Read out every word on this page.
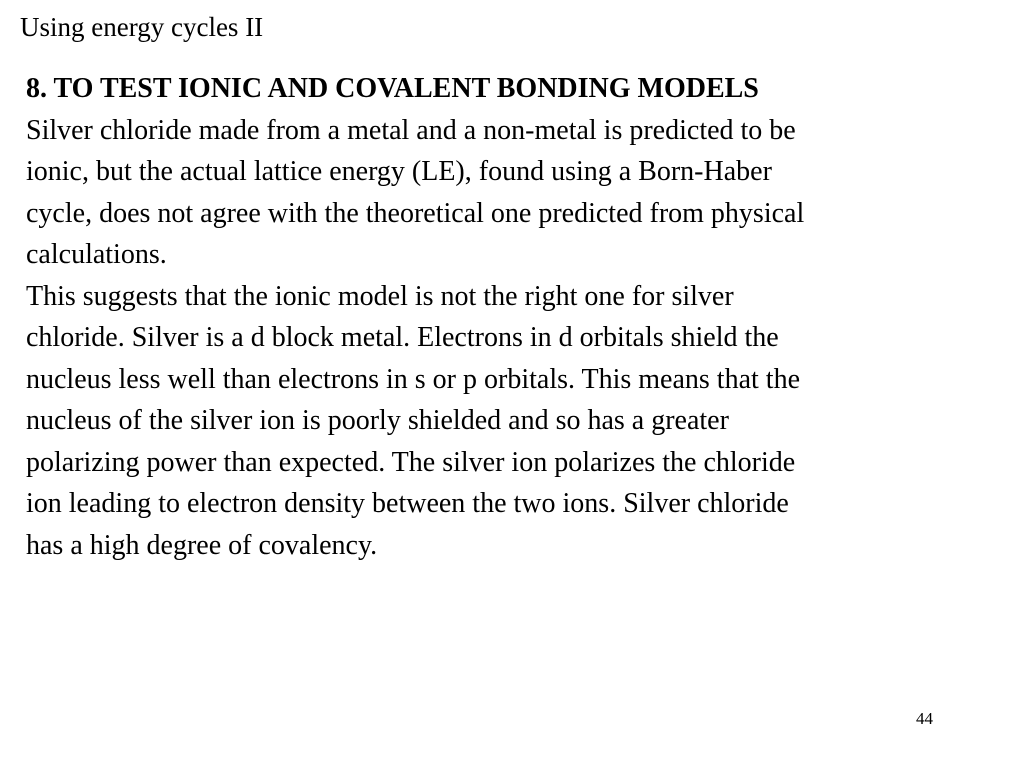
Using energy cycles II
8. TO TEST IONIC AND COVALENT BONDING MODELS
Silver chloride made from a metal and a non-metal is predicted to be
ionic, but the actual lattice energy (LE), found using a Born-Haber
cycle, does not agree with the theoretical one predicted from physical
calculations.
This suggests that the ionic model is not the right one for silver
chloride. Silver is a d block metal. Electrons in d orbitals shield the
nucleus less well than electrons in s or p orbitals. This means that the
nucleus of the silver ion is poorly shielded and so has a greater
polarizing power than expected. The silver ion polarizes the chloride
ion leading to electron density between the two ions. Silver chloride
has a high degree of covalency.
44
